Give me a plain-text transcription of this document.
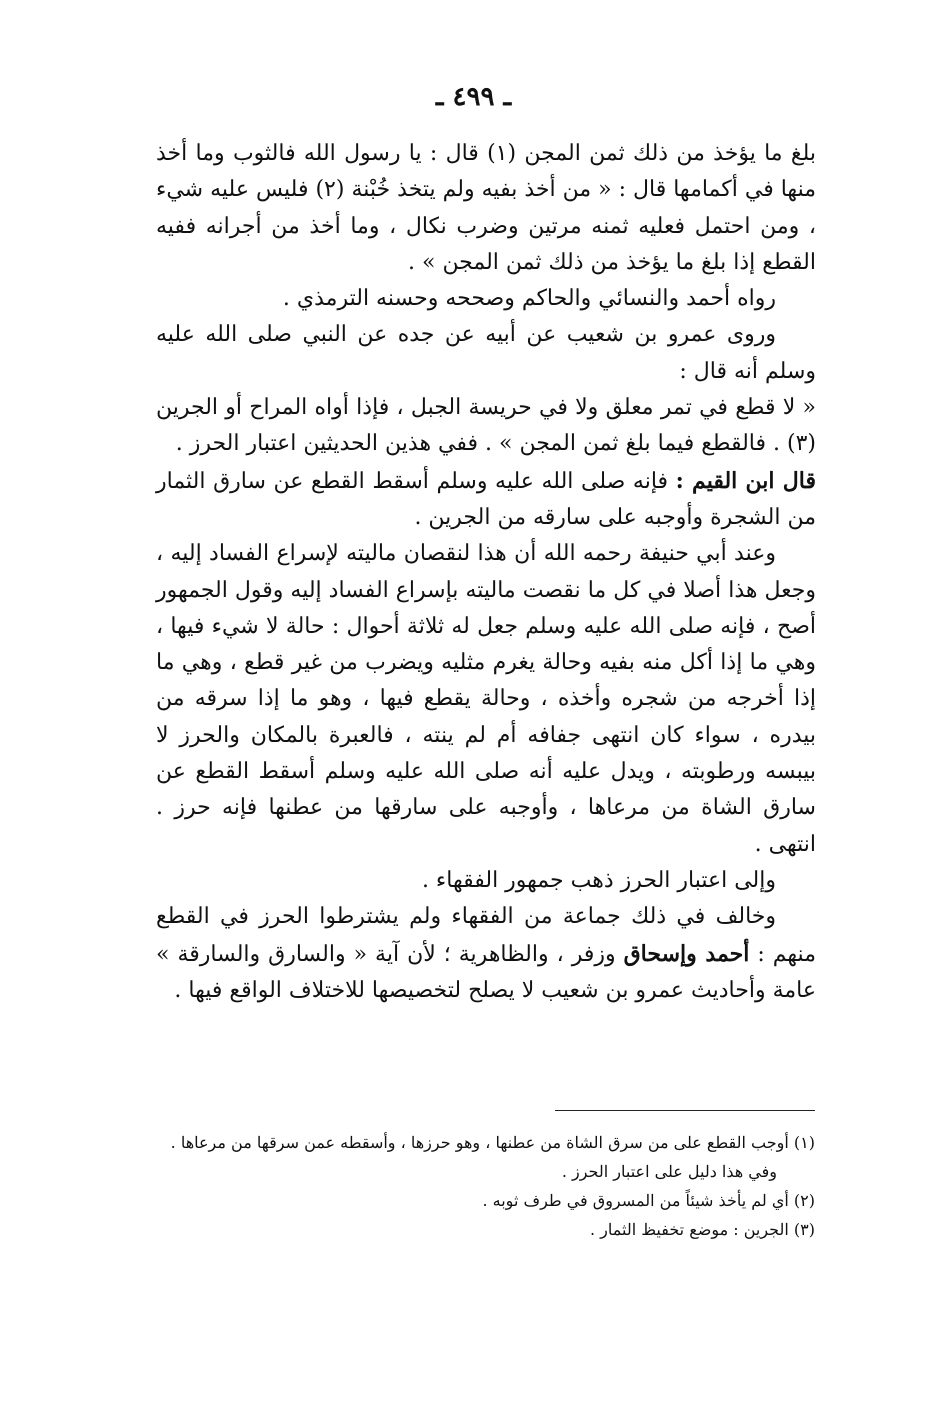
ـ ٤٩٩ ـ

بلغ ما يؤخذ من ذلك ثمن المجن (١) قال : يا رسول الله فالثوب وما أخذ منها في أكمامها قال : « من أخذ بفيه ولم يتخذ خُبْنة (٢) فليس عليه شيء ، ومن احتمل فعليه ثمنه مرتين وضرب نكال ، وما أخذ من أجرانه ففيه القطع إذا بلغ ما يؤخذ من ذلك ثمن المجن » .

رواه أحمد والنسائي والحاكم وصححه وحسنه الترمذي .

وروى عمرو بن شعيب عن أبيه عن جده عن النبي صلى الله عليه وسلم أنه قال :

« لا قطع في تمر معلق ولا في حريسة الجبل ، فإذا أواه المراح أو الجرين (٣) . فالقطع فيما بلغ ثمن المجن » . ففي هذين الحديثين اعتبار الحرز .

قال ابن القيم : فإنه صلى الله عليه وسلم أسقط القطع عن سارق الثمار من الشجرة وأوجبه على سارقه من الجرين .

وعند أبي حنيفة رحمه الله أن هذا لنقصان ماليته لإسراع الفساد إليه ، وجعل هذا أصلا في كل ما نقصت ماليته بإسراع الفساد إليه وقول الجمهور أصح ، فإنه صلى الله عليه وسلم جعل له ثلاثة أحوال : حالة لا شيء فيها ، وهي ما إذا أكل منه بفيه وحالة يغرم مثليه ويضرب من غير قطع ، وهي ما إذا أخرجه من شجره وأخذه ، وحالة يقطع فيها ، وهو ما إذا سرقه من بيدره ، سواء كان انتهى جفافه أم لم ينته ، فالعبرة بالمكان والحرز لا بيبسه ورطوبته ، ويدل عليه أنه صلى الله عليه وسلم أسقط القطع عن سارق الشاة من مرعاها ، وأوجبه على سارقها من عطنها فإنه حرز . انتهى .

وإلى اعتبار الحرز ذهب جمهور الفقهاء .

وخالف في ذلك جماعة من الفقهاء ولم يشترطوا الحرز في القطع منهم : أحمد وإسحاق وزفر ، والظاهرية ؛ لأن آية « والسارق والسارقة » عامة وأحاديث عمرو بن شعيب لا يصلح لتخصيصها للاختلاف الواقع فيها .

(١) أوجب القطع على من سرق الشاة من عطنها ، وهو حرزها ، وأسقطه عمن سرقها من مرعاها .

وفي هذا دليل على اعتبار الحرز .

(٢) أي لم يأخذ شيئاً من المسروق في طرف ثوبه .

(٣) الجرين : موضع تخفيظ الثمار .
